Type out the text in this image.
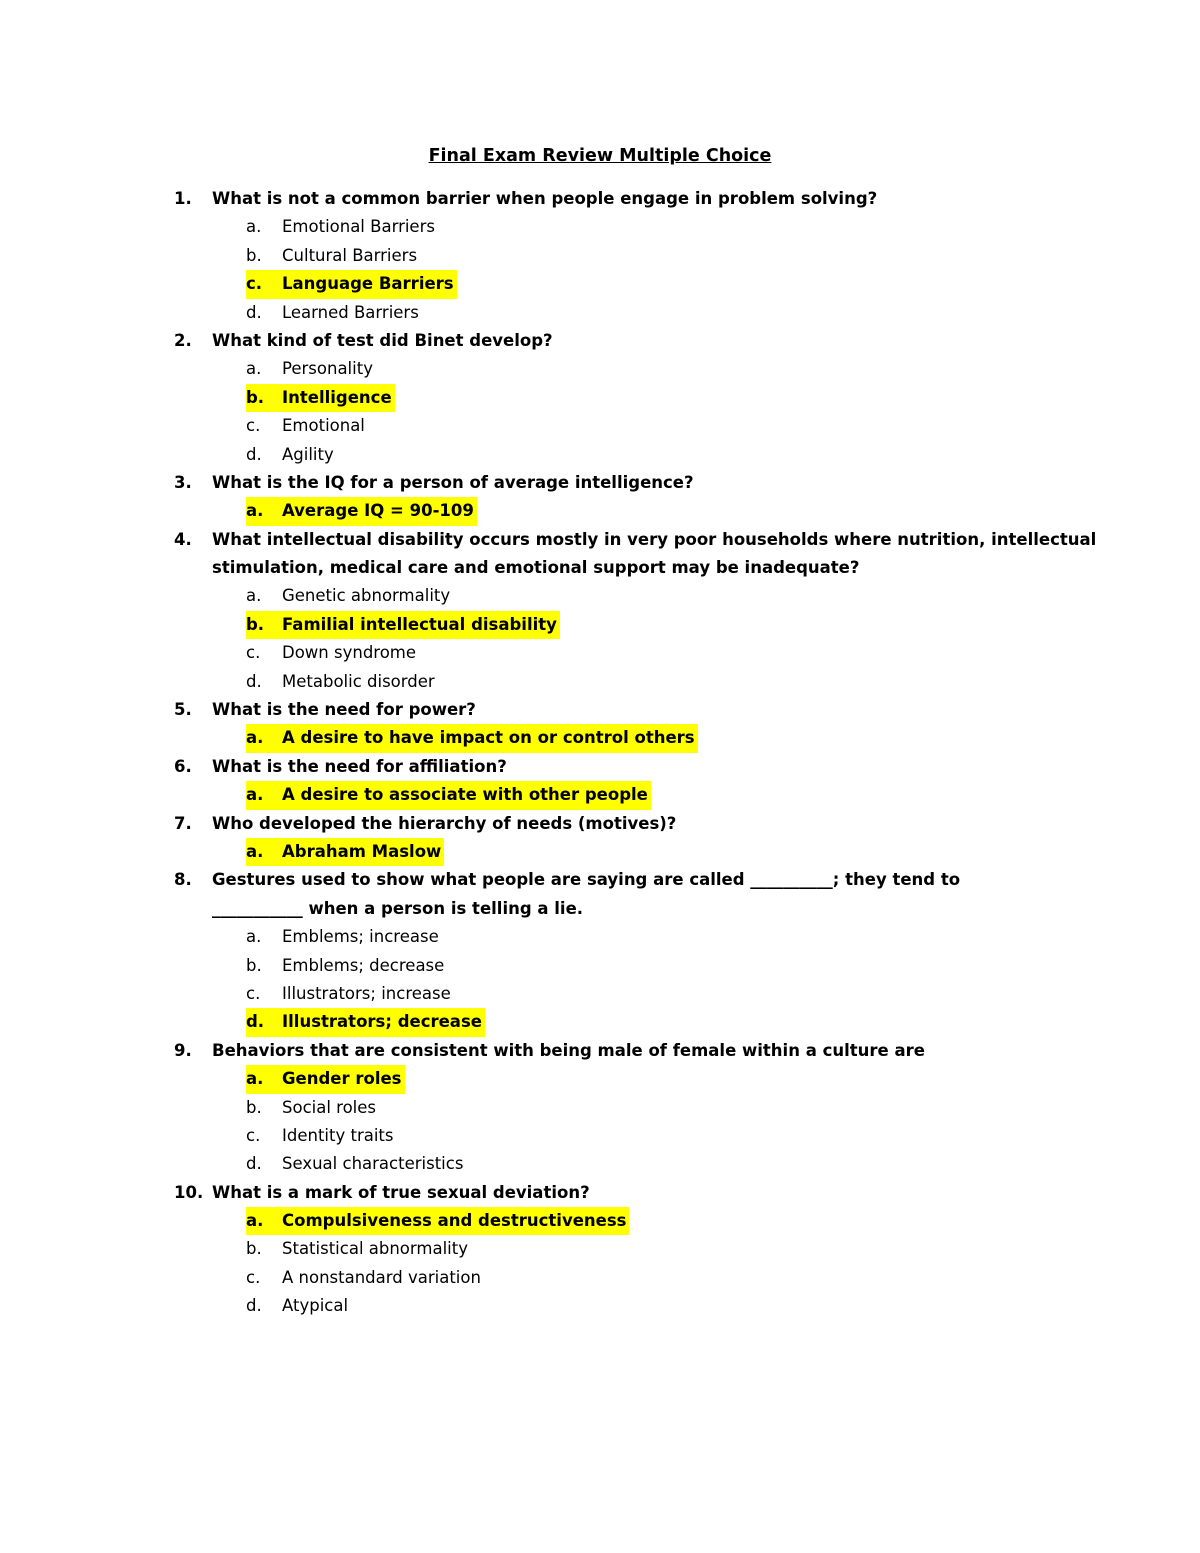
Final Exam Review Multiple Choice
1. What is not a common barrier when people engage in problem solving?
a. Emotional Barriers
b. Cultural Barriers
c. Language Barriers
d. Learned Barriers
2. What kind of test did Binet develop?
a. Personality
b. Intelligence
c. Emotional
d. Agility
3. What is the IQ for a person of average intelligence?
a. Average IQ = 90-109
4. What intellectual disability occurs mostly in very poor households where nutrition, intellectual
stimulation, medical care and emotional support may be inadequate?
a. Genetic abnormality
b. Familial intellectual disability
c. Down syndrome
d. Metabolic disorder
5. What is the need for power?
a. A desire to have impact on or control others
6. What is the need for affiliation?
a. A desire to associate with other people
7. Who developed the hierarchy of needs (motives)?
a. Abraham Maslow
8. Gestures used to show what people are saying are called __________; they tend to
___________ when a person is telling a lie.
a. Emblems; increase
b. Emblems; decrease
c. Illustrators; increase
d. Illustrators; decrease
9. Behaviors that are consistent with being male of female within a culture are
a. Gender roles
b. Social roles
c. Identity traits
d. Sexual characteristics
10. What is a mark of true sexual deviation?
a. Compulsiveness and destructiveness
b. Statistical abnormality
c. A nonstandard variation
d. Atypical
